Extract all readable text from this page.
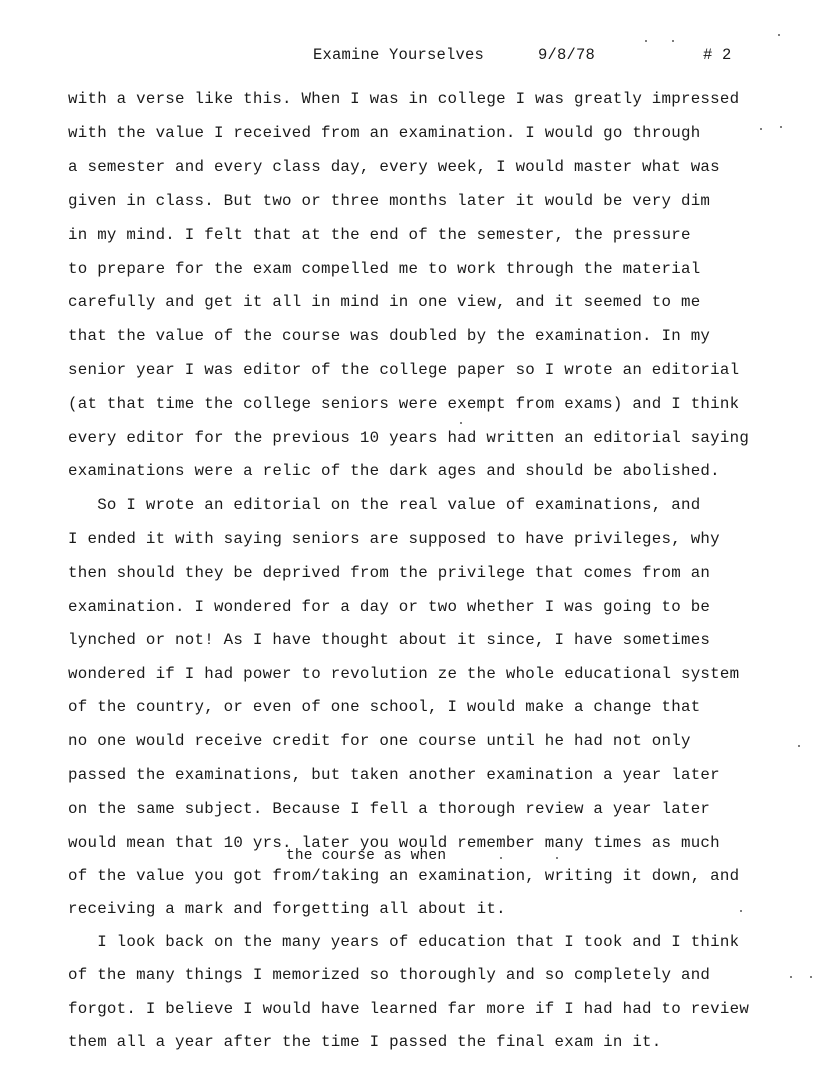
Examine Yourselves	9/8/78	# 2
with a verse like this. When I was in college I was greatly impressed
with the value I received from an examination. I would go through
a semester and every class day, every week, I would master what was
given in class. But two or three months later it would be very dim
in my mind. I felt that at the end of the semester, the pressure
to prepare for the exam compelled me to work through the material
carefully and get it all in mind in one view, and it seemed to me
that the value of the course was doubled by the examination. In my
senior year I was editor of the college paper so I wrote an editorial
(at that time the college seniors were exempt from exams) and I think
every editor for the previous 10 years had written an editorial saying
examinations were a relic of the dark ages and should be abolished.
So I wrote an editorial on the real value of examinations, and
I ended it with saying seniors are supposed to have privileges, why
then should they be deprived from the privilege that comes from an
examination. I wondered for a day or two whether I was going to be
lynched or not! As I have thought about it since, I have sometimes
wondered if I had power to revolution ze the whole educational system
of the country, or even of one school, I would make a change that
no one would receive credit for one course until he had not only
passed the examinations, but taken another examination a year later
on the same subject. Because I fell a thorough review a year later
would mean that 10 yrs. later you would remember many times as much
the course as when
of the value you got from/taking an examination, writing it down, and
receiving a mark and forgetting all about it.
I look back on the many years of education that I took and I think
of the many things I memorized so thoroughly and so completely and
forgot. I believe I would have learned far more if I had had to review
them all a year after the time I passed the final exam in it.
